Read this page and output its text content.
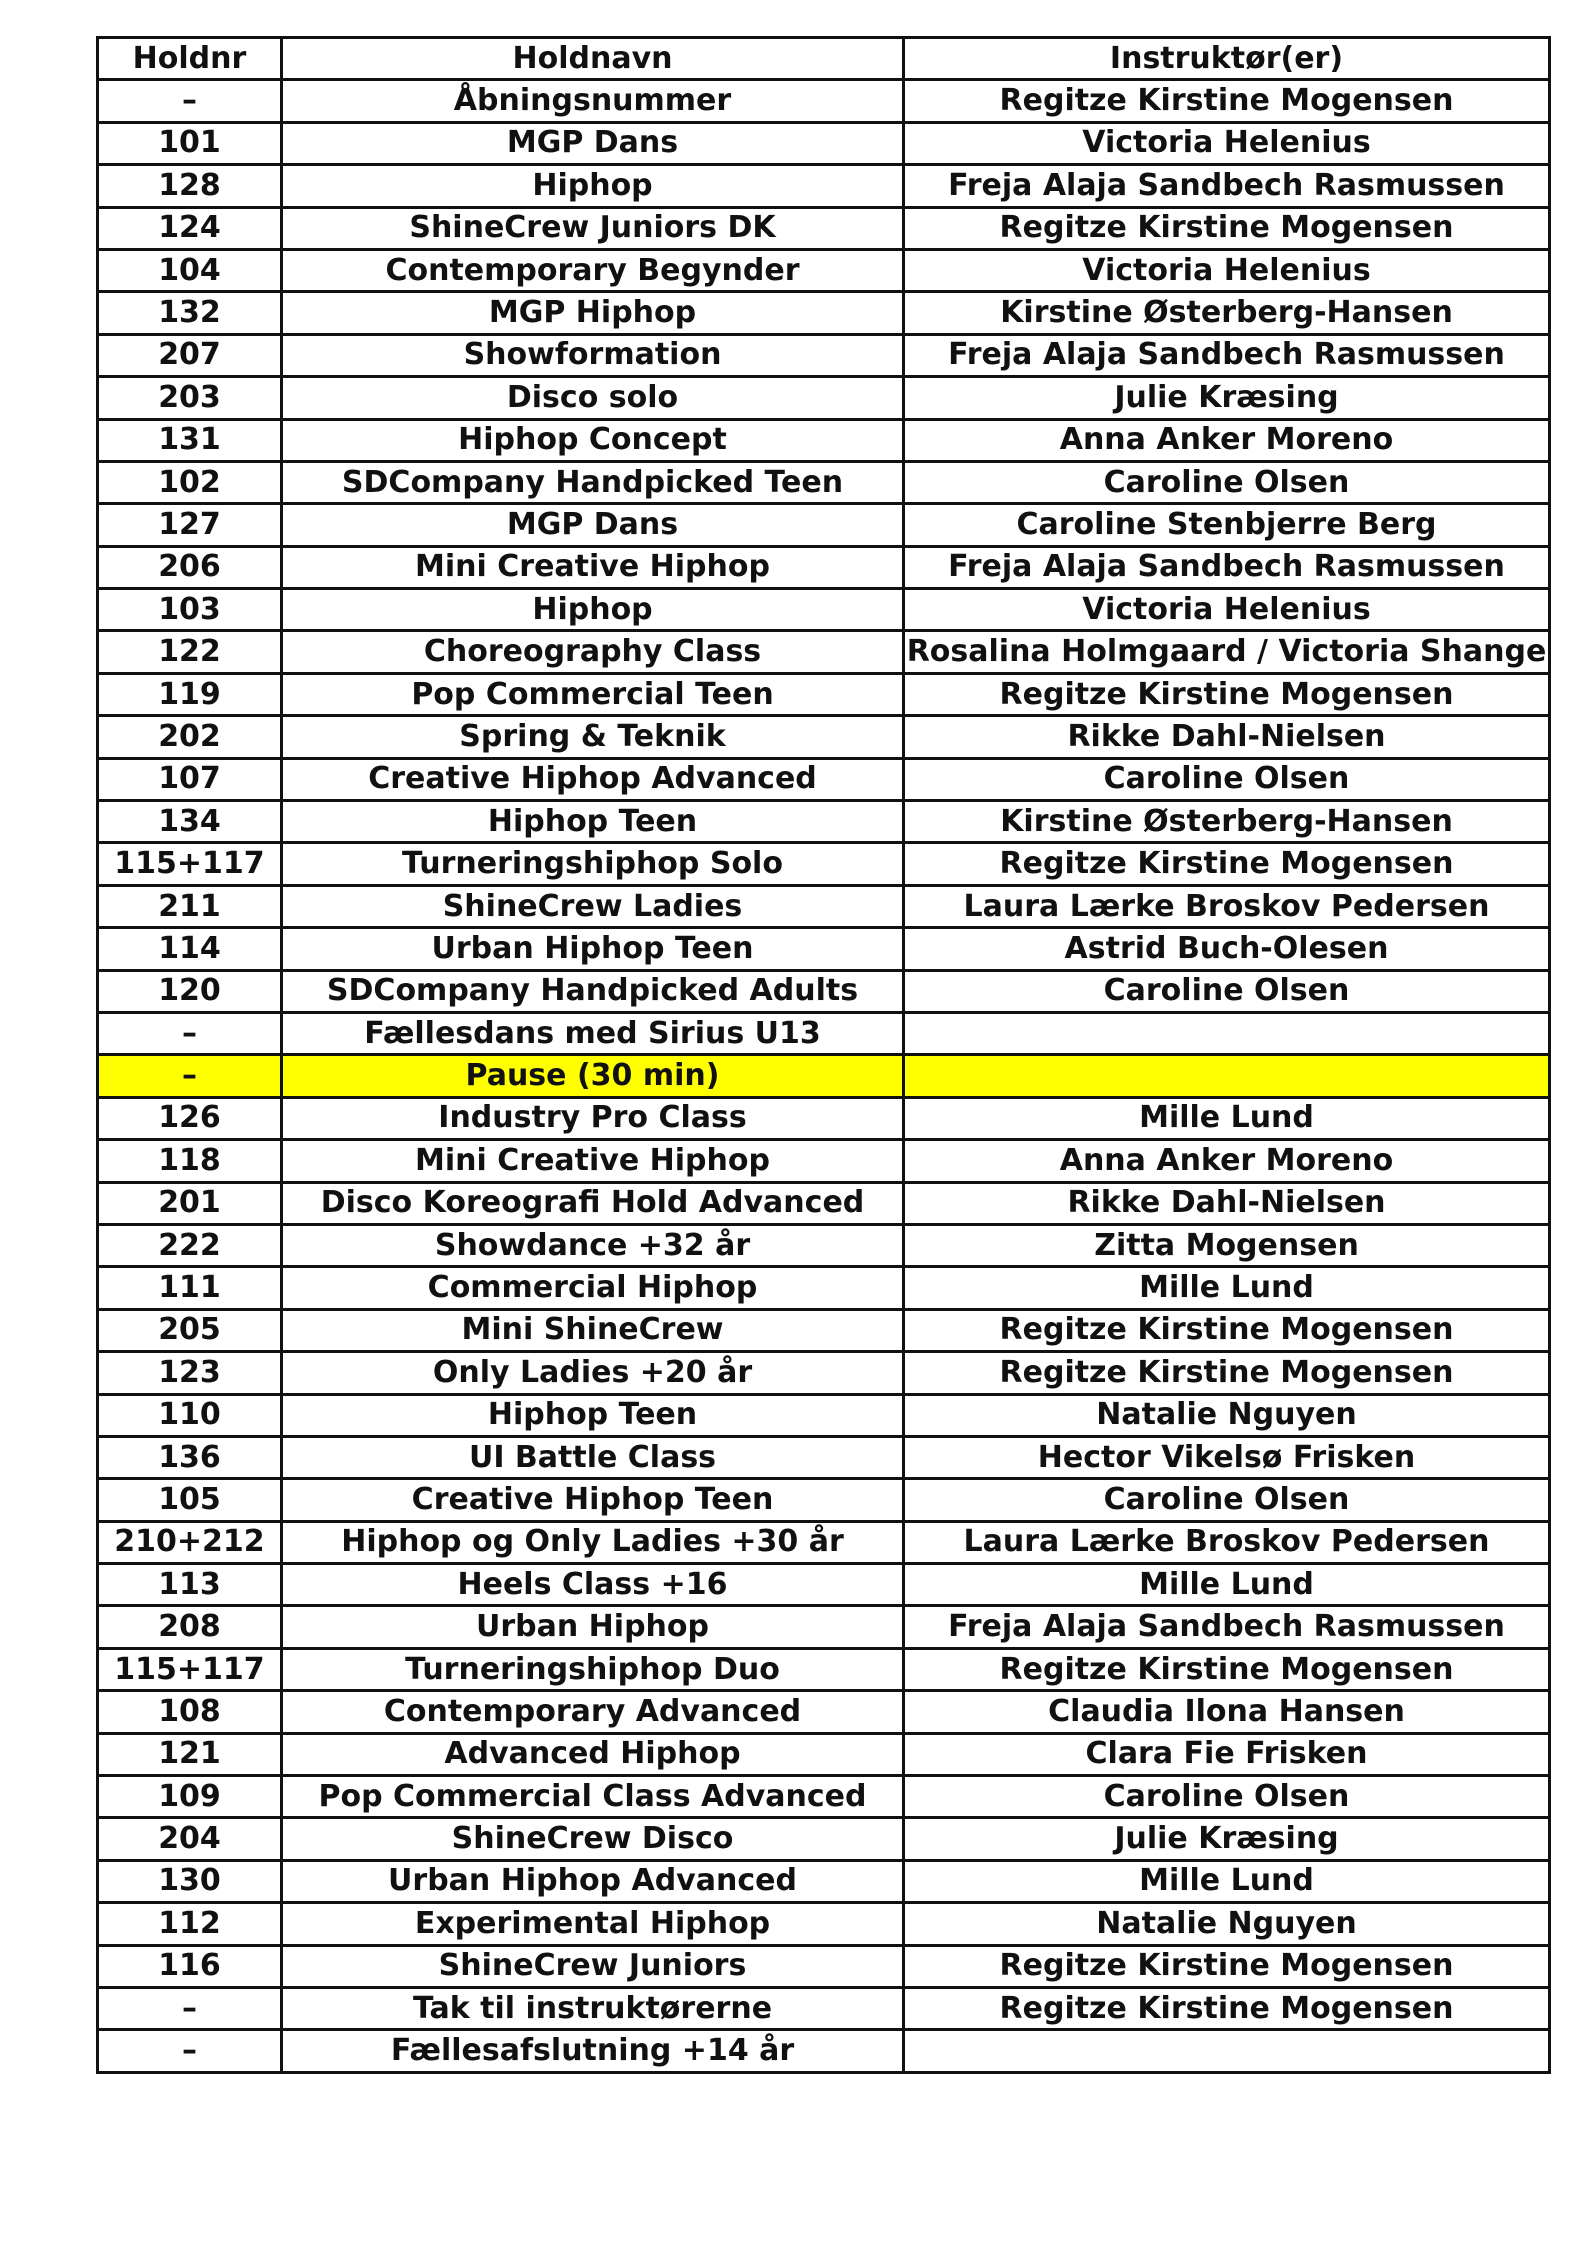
Holdnr	Holdnavn	Instruktør(er)
–	Åbningsnummer	Regitze Kirstine Mogensen
101	MGP Dans	Victoria Helenius
128	Hiphop	Freja Alaja Sandbech Rasmussen
124	ShineCrew Juniors DK	Regitze Kirstine Mogensen
104	Contemporary Begynder	Victoria Helenius
132	MGP Hiphop	Kirstine Østerberg-Hansen
207	Showformation	Freja Alaja Sandbech Rasmussen
203	Disco solo	Julie Kræsing
131	Hiphop Concept	Anna Anker Moreno
102	SDCompany Handpicked Teen	Caroline Olsen
127	MGP Dans	Caroline Stenbjerre Berg
206	Mini Creative Hiphop	Freja Alaja Sandbech Rasmussen
103	Hiphop	Victoria Helenius
122	Choreography Class	Rosalina Holmgaard / Victoria Shange
119	Pop Commercial Teen	Regitze Kirstine Mogensen
202	Spring & Teknik	Rikke Dahl-Nielsen
107	Creative Hiphop Advanced	Caroline Olsen
134	Hiphop Teen	Kirstine Østerberg-Hansen
115+117	Turneringshiphop Solo	Regitze Kirstine Mogensen
211	ShineCrew Ladies	Laura Lærke Broskov Pedersen
114	Urban Hiphop Teen	Astrid Buch-Olesen
120	SDCompany Handpicked Adults	Caroline Olsen
–	Fællesdans med Sirius U13	
–	Pause (30 min)	
126	Industry Pro Class	Mille Lund
118	Mini Creative Hiphop	Anna Anker Moreno
201	Disco Koreografi Hold Advanced	Rikke Dahl-Nielsen
222	Showdance +32 år	Zitta Mogensen
111	Commercial Hiphop	Mille Lund
205	Mini ShineCrew	Regitze Kirstine Mogensen
123	Only Ladies +20 år	Regitze Kirstine Mogensen
110	Hiphop Teen	Natalie Nguyen
136	UI Battle Class	Hector Vikelsø Frisken
105	Creative Hiphop Teen	Caroline Olsen
210+212	Hiphop og Only Ladies +30 år	Laura Lærke Broskov Pedersen
113	Heels Class +16	Mille Lund
208	Urban Hiphop	Freja Alaja Sandbech Rasmussen
115+117	Turneringshiphop Duo	Regitze Kirstine Mogensen
108	Contemporary Advanced	Claudia Ilona Hansen
121	Advanced Hiphop	Clara Fie Frisken
109	Pop Commercial Class Advanced	Caroline Olsen
204	ShineCrew Disco	Julie Kræsing
130	Urban Hiphop Advanced	Mille Lund
112	Experimental Hiphop	Natalie Nguyen
116	ShineCrew Juniors	Regitze Kirstine Mogensen
–	Tak til instruktørerne	Regitze Kirstine Mogensen
–	Fællesafslutning +14 år	
